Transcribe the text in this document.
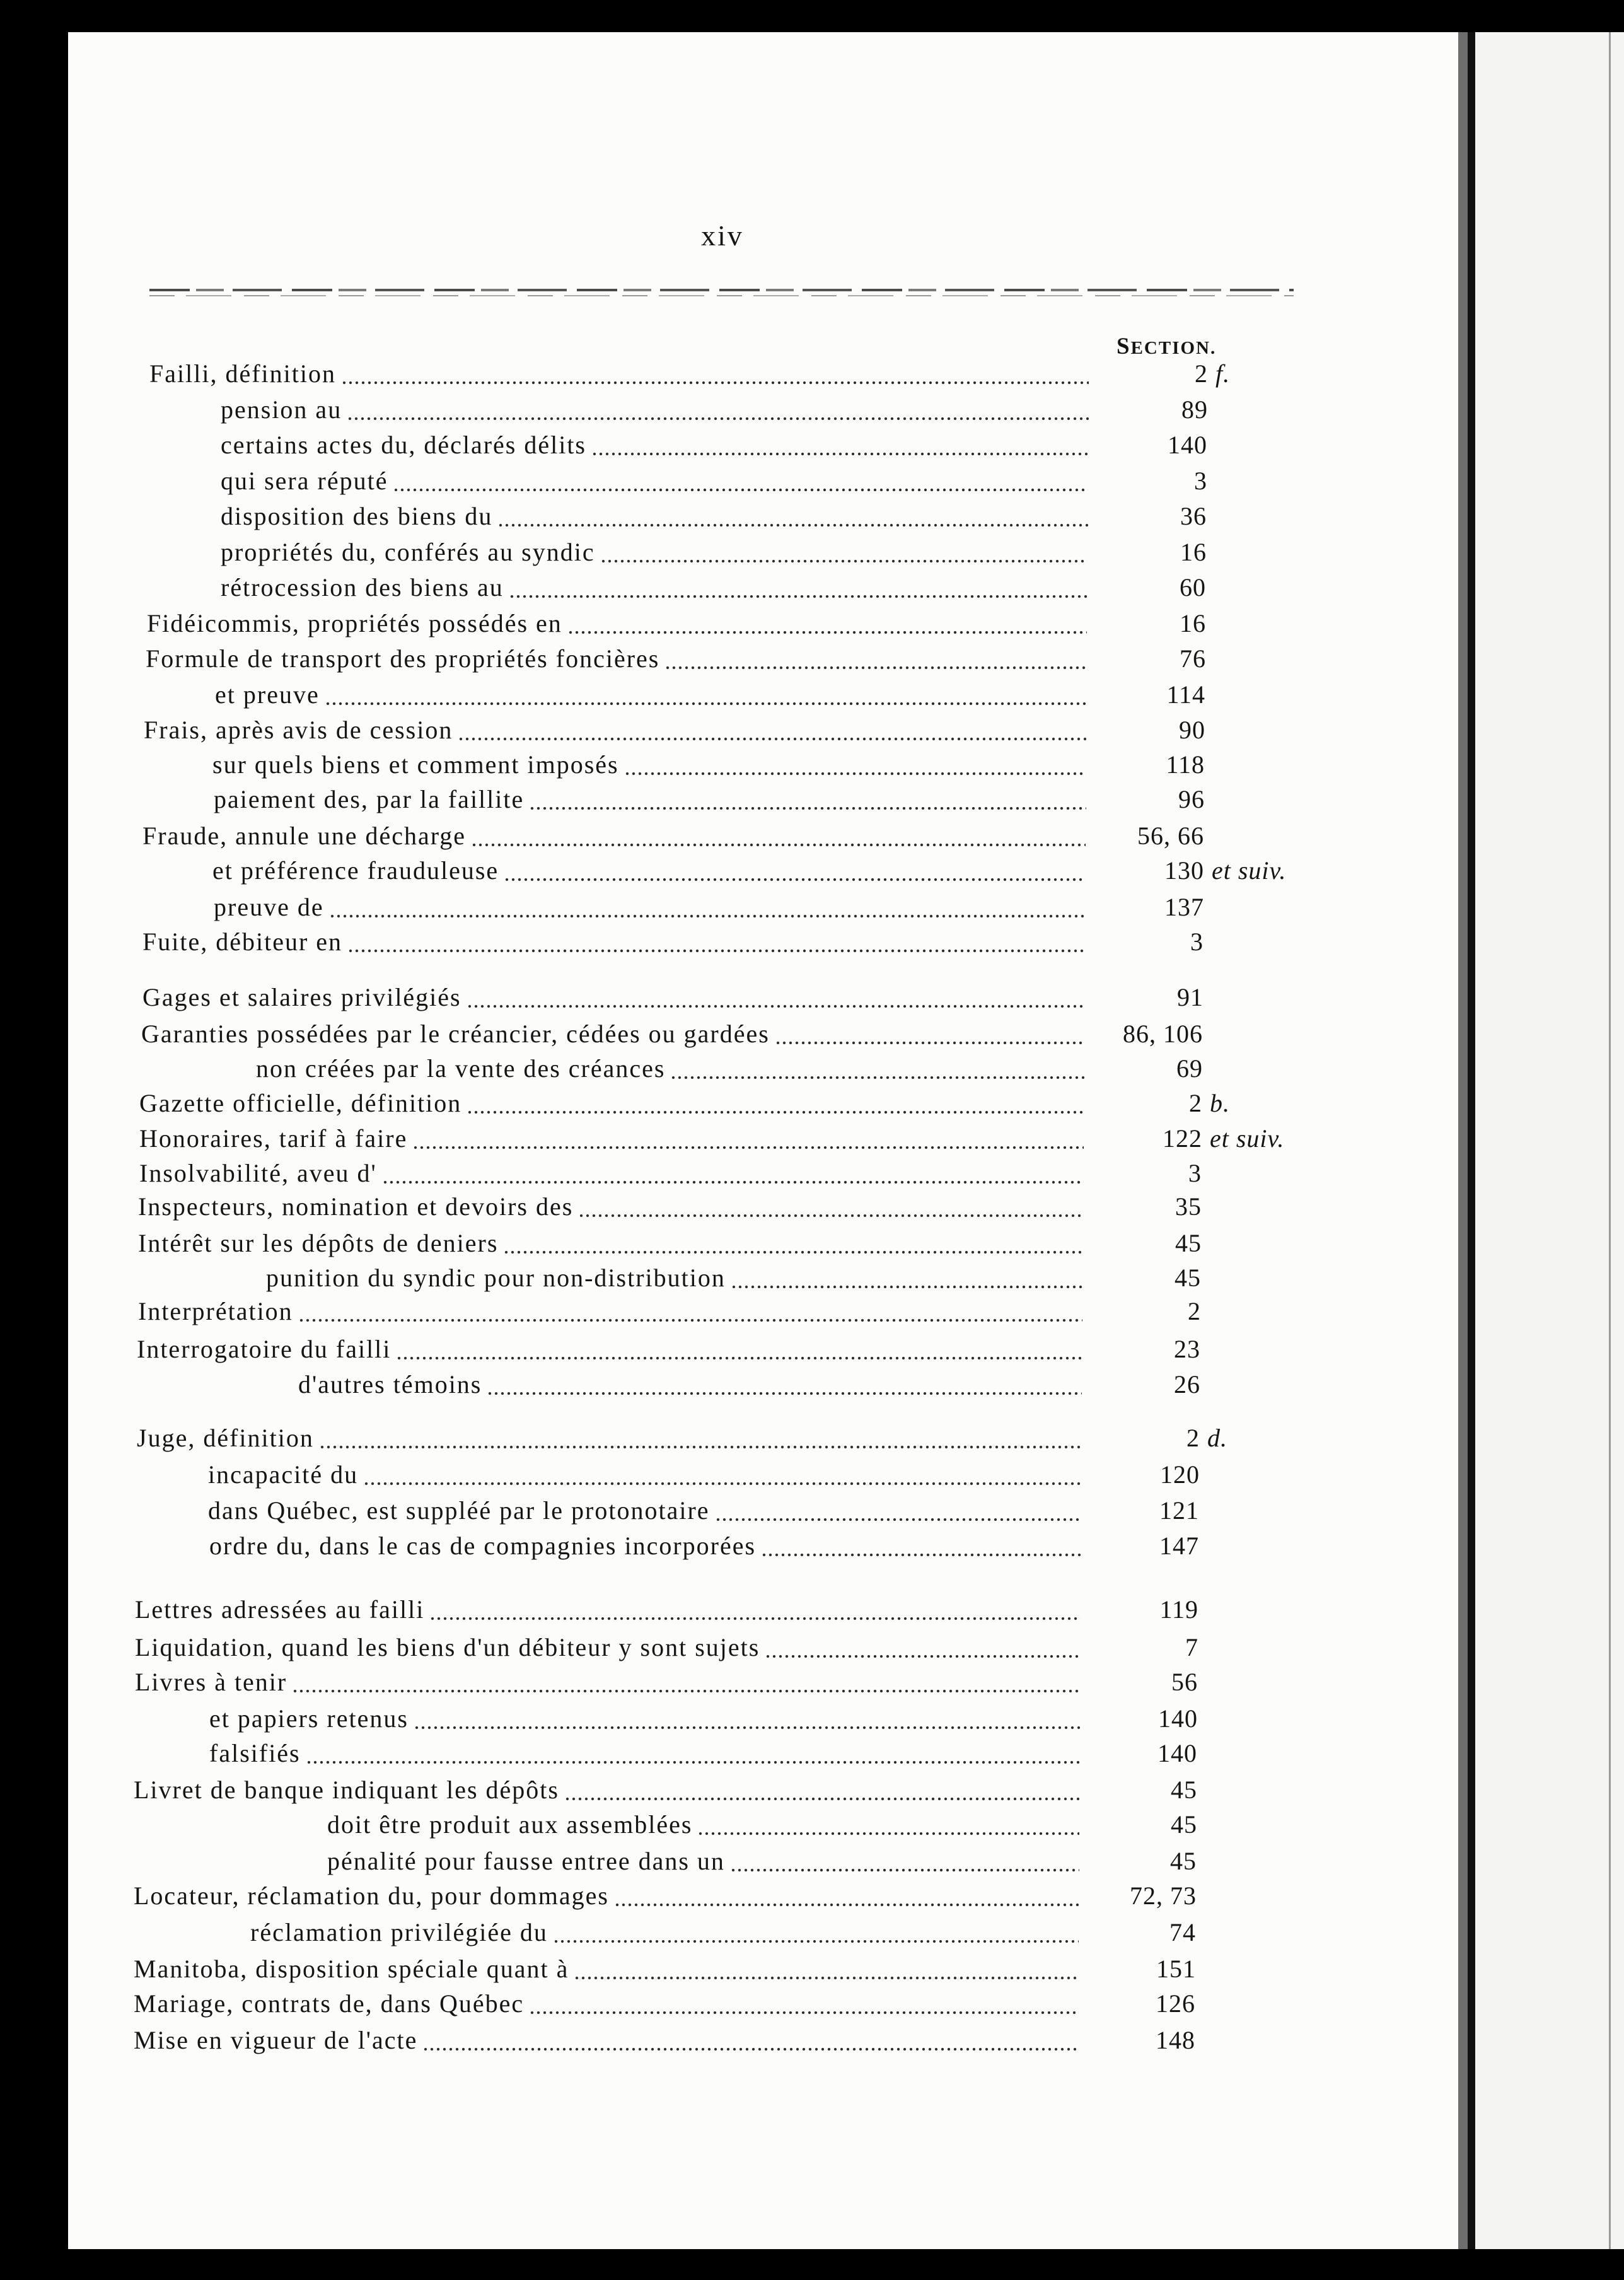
xiv
SECTION.
Failli, définition	2 f.
pension au	89
certains actes du, déclarés délits	140
qui sera réputé	3
disposition des biens du	36
propriétés du, conférés au syndic	16
rétrocession des biens au	60
Fidéicommis, propriétés possédés en	16
Formule de transport des propriétés foncières	76
et preuve	114
Frais, après avis de cession	90
sur quels biens et comment imposés	118
paiement des, par la faillite	96
Fraude, annule une décharge	56, 66
et préférence frauduleuse	130 et suiv.
preuve de	137
Fuite, débiteur en	3
Gages et salaires privilégiés	91
Garanties possédées par le créancier, cédées ou gardées	86, 106
non créées par la vente des créances	69
Gazette officielle, définition	2 b.
Honoraires, tarif à faire	122 et suiv.
Insolvabilité, aveu d'	3
Inspecteurs, nomination et devoirs des	35
Intérêt sur les dépôts de deniers	45
punition du syndic pour non-distribution	45
Interprétation	2
Interrogatoire du failli	23
d'autres témoins	26
Juge, définition	2 d.
incapacité du	120
dans Québec, est suppléé par le protonotaire	121
ordre du, dans le cas de compagnies incorporées	147
Lettres adressées au failli	119
Liquidation, quand les biens d'un débiteur y sont sujets	7
Livres à tenir	56
et papiers retenus	140
falsifiés	140
Livret de banque indiquant les dépôts	45
doit être produit aux assemblées	45
pénalité pour fausse entree dans un	45
Locateur, réclamation du, pour dommages	72, 73
réclamation privilégiée du	74
Manitoba, disposition spéciale quant à	151
Mariage, contrats de, dans Québec	126
Mise en vigueur de l'acte	148
